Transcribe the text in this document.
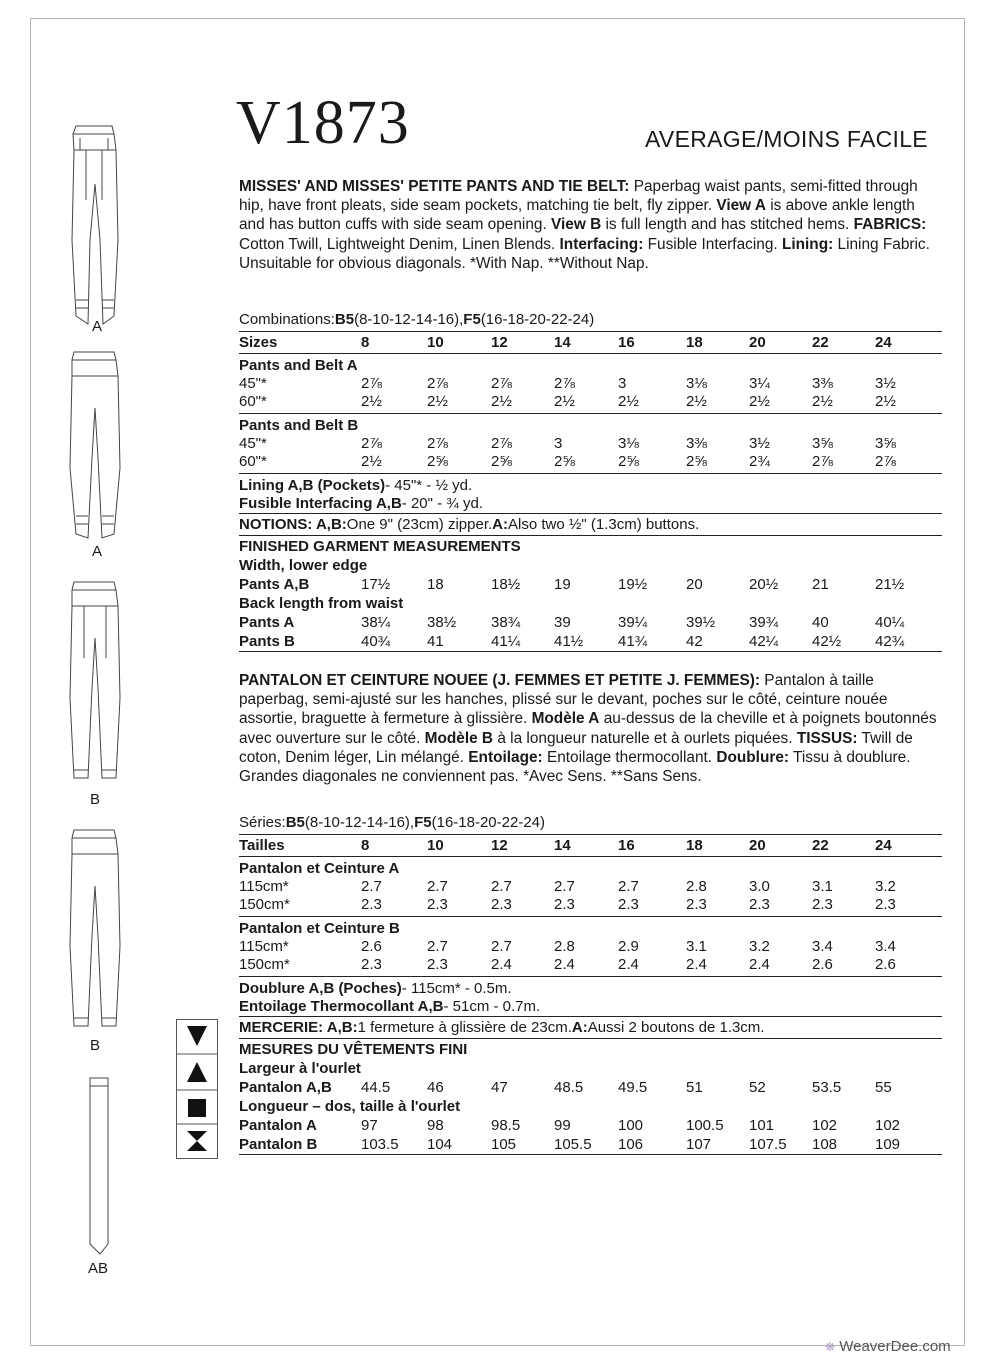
V1873	AVERAGE/MOINS FACILE
A
A
B
B
AB
MISSES' AND MISSES' PETITE PANTS AND TIE BELT: Paperbag waist pants, semi-fitted through hip, have front pleats, side seam pockets, matching tie belt, fly zipper. View A is above ankle length and has button cuffs with side seam opening. View B is full length and has stitched hems. FABRICS: Cotton Twill, Lightweight Denim, Linen Blends. Interfacing: Fusible Interfacing. Lining: Lining Fabric. Unsuitable for obvious diagonals. *With Nap. **Without Nap.
Combinations: B5 (8-10-12-14-16), F5 (16-18-20-22-24)
Sizes	8	10	12	14	16	18	20	22	24
Pants and Belt A
45"*	2⅞	2⅞	2⅞	2⅞	3	3⅛	3¼	3⅜	3½
60"*	2½	2½	2½	2½	2½	2½	2½	2½	2½
Pants and Belt B
45"*	2⅞	2⅞	2⅞	3	3⅛	3⅜	3½	3⅝	3⅝
60"*	2½	2⅝	2⅝	2⅝	2⅝	2⅝	2¾	2⅞	2⅞
Lining A,B (Pockets) - 45"* - ½ yd.
Fusible Interfacing A,B - 20" - ¾ yd.
NOTIONS: A,B: One 9" (23cm) zipper. A: Also two ½" (1.3cm) buttons.
FINISHED GARMENT MEASUREMENTS
Width, lower edge
Pants A,B	17½ 18	18½ 19	19½	20	20½ 21	21½
Back length from waist
Pants A	38¼ 38½ 38¾ 39	39¼	39½ 39¾ 40	40¼
Pants B	40¾ 41	41¼ 41½ 41¾	42	42¼ 42½ 42¾
PANTALON ET CEINTURE NOUEE (J. FEMMES ET PETITE J. FEMMES): Pantalon à taille paperbag, semi-ajusté sur les hanches, plissé sur le devant, poches sur le côté, ceinture nouée assortie, braguette à fermeture à glissière. Modèle A au-dessus de la cheville et à poignets boutonnés avec ouverture sur le côté. Modèle B à la longueur naturelle et à ourlets piquées. TISSUS: Twill de coton, Denim léger, Lin mélangé. Entoilage: Entoilage thermocollant. Doublure: Tissu à doublure. Grandes diagonales ne conviennent pas. *Avec Sens. **Sans Sens.
Séries: B5 (8-10-12-14-16), F5 (16-18-20-22-24)
Tailles	8	10	12	14	16	18	20	22	24
Pantalon et Ceinture A
115cm*	2.7	2.7	2.7	2.7	2.7	2.8	3.0	3.1	3.2
150cm*	2.3	2.3	2.3	2.3	2.3	2.3	2.3	2.3	2.3
Pantalon et Ceinture B
115cm*	2.6	2.7	2.7	2.8	2.9	3.1	3.2	3.4	3.4
150cm*	2.3	2.3	2.4	2.4	2.4	2.4	2.4	2.6	2.6
Doublure A,B (Poches) - 115cm* - 0.5m.
Entoilage Thermocollant A,B - 51cm - 0.7m.
MERCERIE: A,B: 1 fermeture à glissière de 23cm. A: Aussi 2 boutons de 1.3cm.
MESURES DU VÊTEMENTS FINI
Largeur à l'ourlet
Pantalon A,B 44.5 46	47	48.5 49.5	51	52	53.5 55
Longueur – dos, taille à l'ourlet
Pantalon A	97	98	98.5 99	100	100.5 101	102	102
Pantalon B	103.5 104	105	105.5 106	107	107.5 108	109
❋ WeaverDee.com
